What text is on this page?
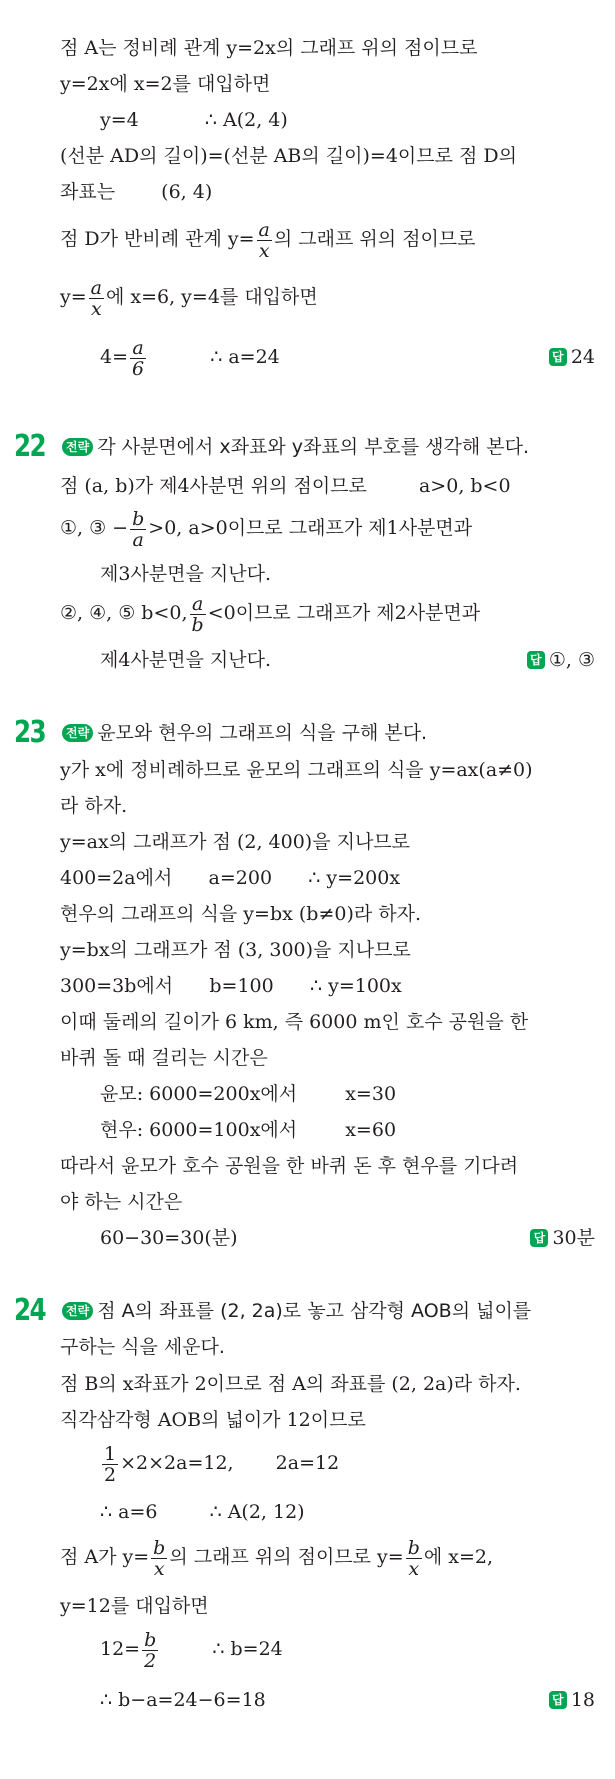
점 A는 정비례 관계 y=2x의 그래프 위의 점이므로
y=2x에 x=2를 대입하면
y=4	∴ A(2, 4)
(선분 AD의 길이)=(선분 AB의 길이)=4이므로 점 D의
좌표는 (6, 4)
점 D가 반비례 관계 $y= \frac{a}{x}$ 의 그래프 위의 점이므로
$y= \frac{a}{x}$ 에 x=6, y=4를 대입하면
$4= \frac{a}{6}$	∴ a=24	답 24
22	전략 각 사분면에서 x좌표와 y좌표의 부호를 생각해 본다.
점 (a, b)가 제4사분면 위의 점이므로	a>0, b<0
①, ③ − $\frac{b}{a} >0$, a>0이므로 그래프가 제1사분면과
제3사분면을 지난다.
②, ④, ⑤ b<0, $\frac{a}{b} <0$이므로 그래프가 제2사분면과
제4사분면을 지난다.	답 ①, ③
23	전략 윤모와 현우의 그래프의 식을 구해 본다.
y가 x에 정비례하므로 윤모의 그래프의 식을 y=ax(a≠0)
라 하자.
y=ax의 그래프가 점 (2, 400)을 지나므로
400=2a에서      a=200      ∴ y=200x
현우의 그래프의 식을 y=bx (b≠0)라 하자.
y=bx의 그래프가 점 (3, 300)을 지나므로
300=3b에서      b=100      ∴ y=100x
이때 둘레의 길이가 6 km, 즉 6000 m인 호수 공원을 한
바퀴 돌 때 걸리는 시간은
윤모: 6000=200x에서	x=30
현우: 6000=100x에서	x=60
따라서 윤모가 호수 공원을 한 바퀴 돈 후 현우를 기다려
야 하는 시간은
60−30=30(분)	답 30분
24	전략 점 A의 좌표를 (2, 2a)로 놓고 삼각형 AOB의 넓이를
구하는 식을 세운다.
점 B의 x좌표가 2이므로 점 A의 좌표를 (2, 2a)라 하자.
직각삼각형 AOB의 넓이가 12이므로
$\frac{1}{2} \times 2\times 2a=12$, 2a=12
∴ a=6	∴ A(2, 12)
점 A가 $y= \frac{b}{x}$ 의 그래프 위의 점이므로 $y= \frac{b}{x}$ 에 x=2,
y=12를 대입하면
$12= \frac{b}{2}$	∴ b=24
∴ b−a=24−6=18	답 18
